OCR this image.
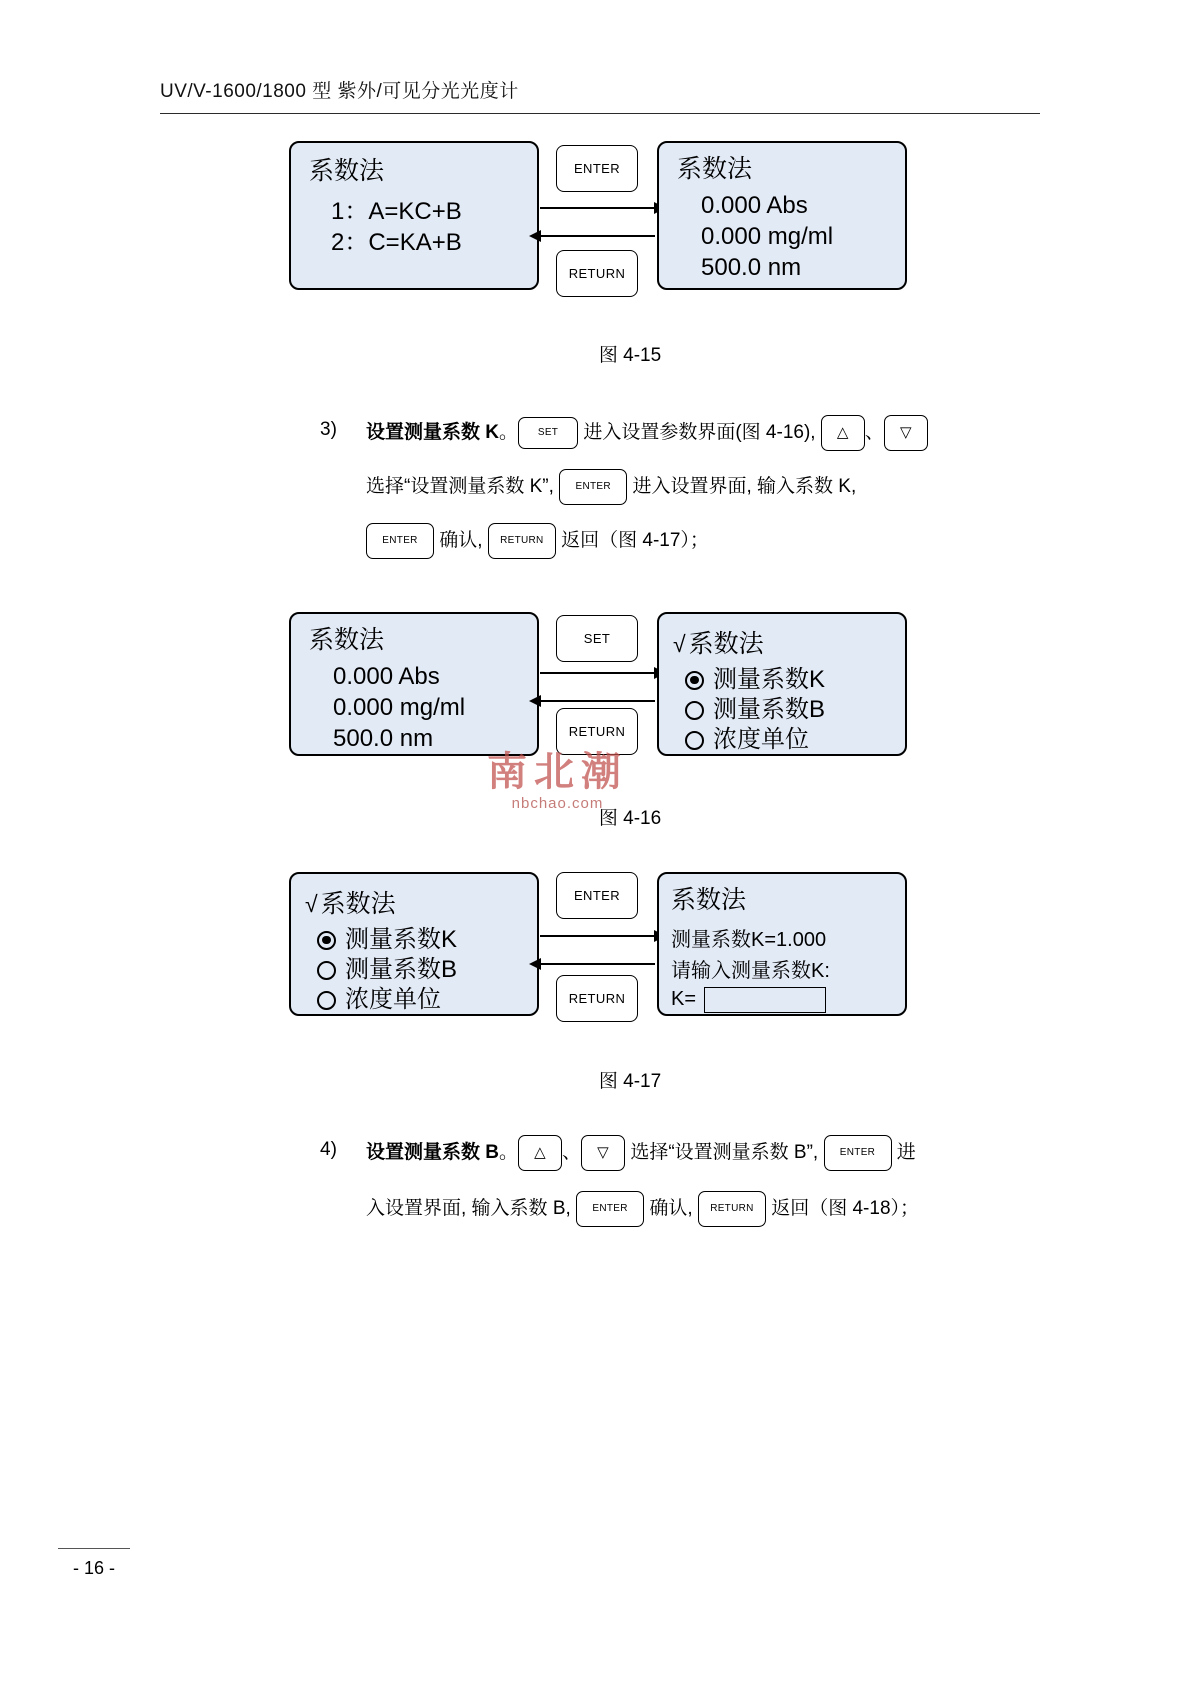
UV/V-1600/1800 型 紫外/可见分光光度计
系数法
1：A=KC+B
2：C=KA+B
ENTER
RETURN
系数法
0.000 Abs
0.000 mg/ml
500.0 nm
图 4-15
3) 设置测量系数 K。 SET 进入设置参数界面(图 4-16), △ 、 ▽
选择“设置测量系数 K”, ENTER 进入设置界面, 输入系数 K,
ENTER 确认, RETURN 返回（图 4-17）；
系数法
0.000 Abs
0.000 mg/ml
500.0 nm
SET
RETURN
√ 系数法
测量系数K
测量系数B
浓度单位
南北潮
nbchao.com
图 4-16
√ 系数法
测量系数K
测量系数B
浓度单位
ENTER
RETURN
系数法
测量系数K=1.000
请输入测量系数K:
K=
图 4-17
4) 设置测量系数 B。 △ 、 ▽ 选择“设置测量系数 B”, ENTER 进
入设置界面, 输入系数 B, ENTER 确认, RETURN 返回（图 4-18）；
- 16 -
